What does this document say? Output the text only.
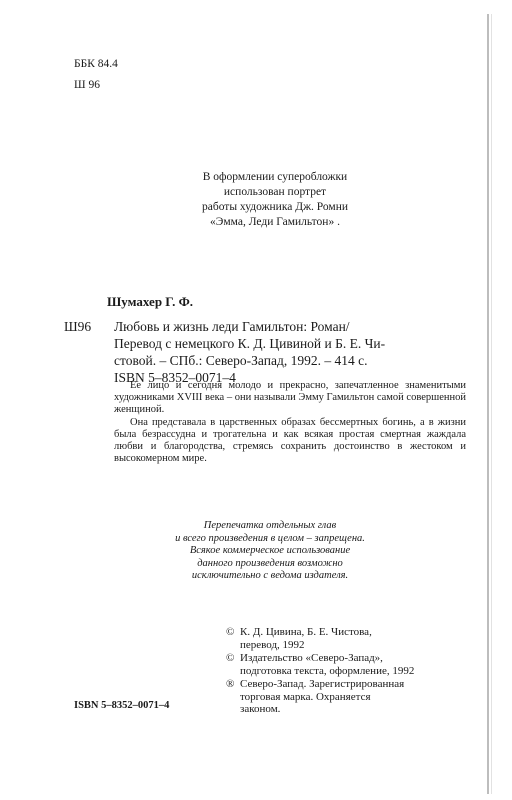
ББК 84.4
Ш 96
В оформлении суперобложки
использован портрет
работы художника Дж. Ромни
«Эмма, Леди Гамильтон» .
Шумахер Г. Ф.
Ш96 Любовь и жизнь леди Гамильтон: Роман/
Перевод с немецкого К. Д. Цивиной и Б. Е. Чи-
стовой. – СПб.: Северо-Запад, 1992. – 414 с.
ISBN 5–8352–0071–4

Ее лицо и сегодня молодо и прекрасно, запечатленное знаменитыми художниками XVIII века – они называли Эмму Гамильтон самой совершенной женщиной.

Она представала в царственных образах бессмертных богинь, а в жизни была безрассудна и трогательна и как всякая простая смертная жаждала любви и благородства, стремясь сохранить достоинство в жестоком и высокомерном мире.

Перепечатка отдельных глав
и всего произведения в целом – запрещена.
Всякое коммерческое использование
данного произведения возможно
исключительно с ведома издателя.
© К. Д. Цивина, Б. Е. Чистова,
перевод, 1992
© Издательство «Северо-Запад»,
подготовка текста, оформление, 1992
® Северо-Запад. Зарегистрированная
торговая марка. Охраняется
законом.
ISBN 5–8352–0071–4
